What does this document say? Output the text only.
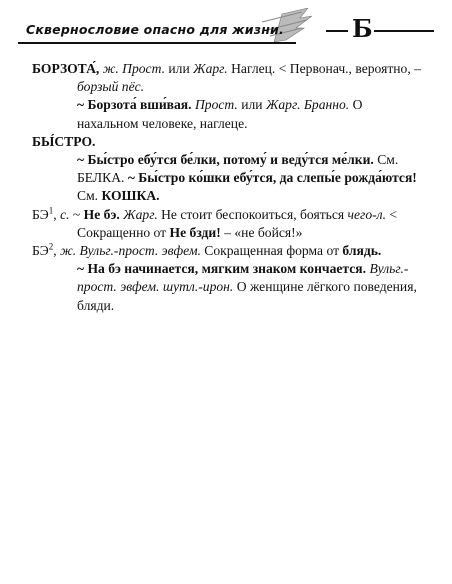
Сквернословие опасно для жизни.	Б

БОРЗОТА́, ж. Прост. или Жарг. Наглец. < Первонач., вероятно, – борзый пёс.

~ Борзота́ вши́вая. Прост. или Жарг. Бранно. О нахальном человеке, наглеце.

БЫ́СТРО.

~ Бы́стро ебу́тся бе́лки, потому́ и веду́тся ме́лки. См. БЕЛКА. ~ Бы́стро ко́шки ебу́тся, да слепы́е рожда́ются! См. КОШКА.

$БЭ^1$, с. ~ Не бэ. Жарг. Не стоит беспокоиться, бояться чего-л. < Сокращенно от Не бзди! – «не бойся!»

$БЭ^2$, ж. Вульг.-прост. эвфем. Сокращенная форма от блядь.

~ На бэ начинается, мягким знаком кончается. Вульг.-прост. эвфем. шутл.-ирон. О женщине лёгкого поведения, бляди.
